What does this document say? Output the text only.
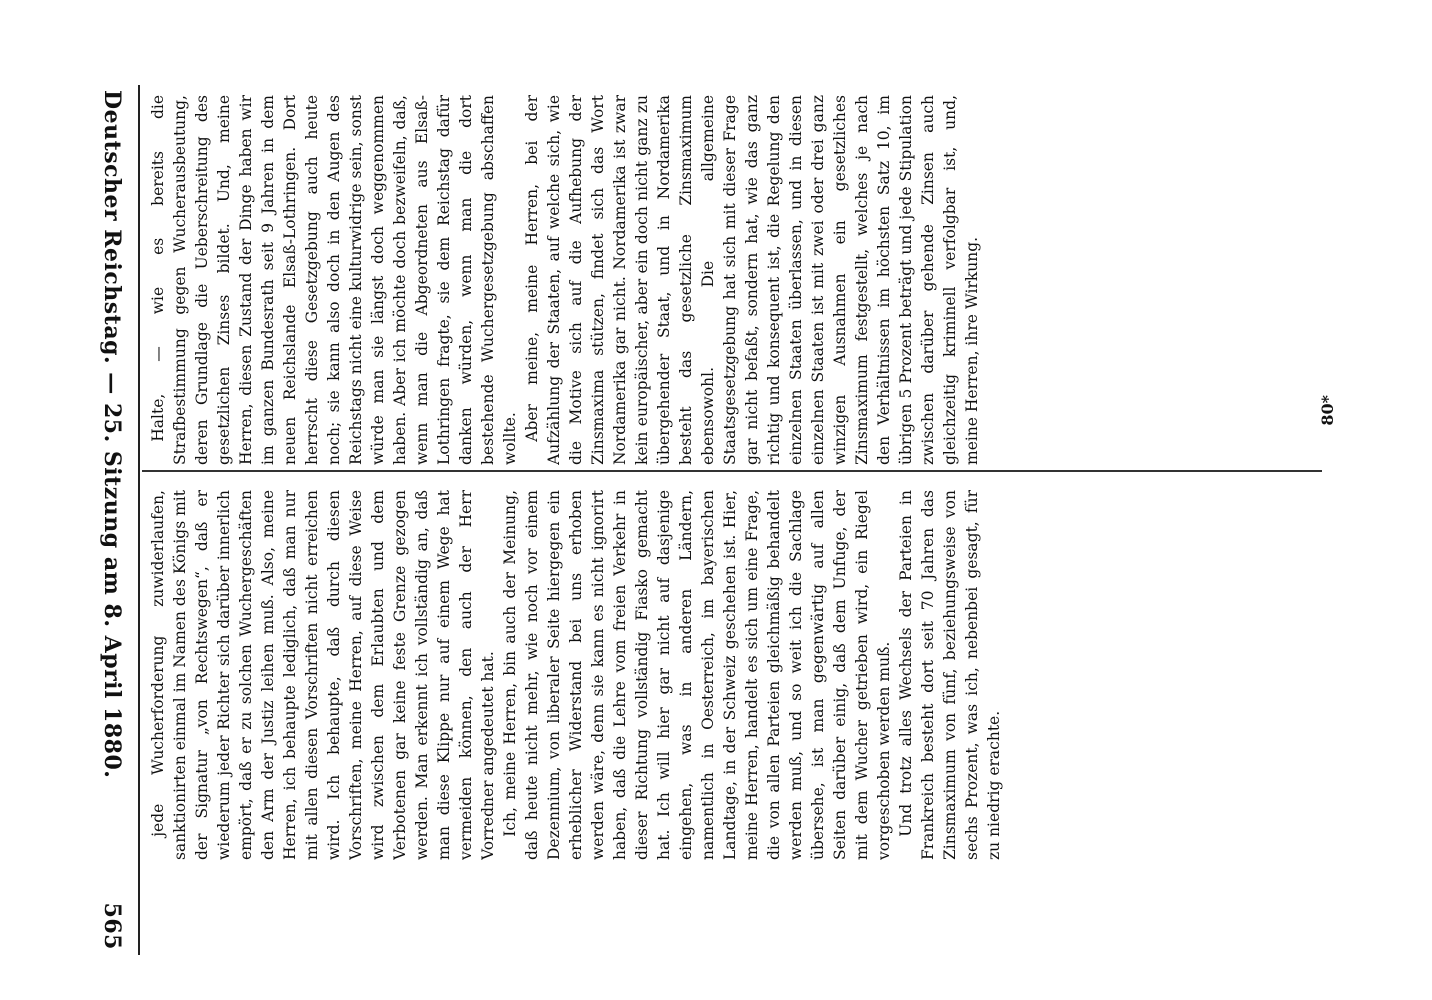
Deutscher Reichstag. — 25. Sitzung am 8. April 1880.
565

jede Wucherforderung zuwiderlaufen, sanktionirten einmal im Namen des Königs mit der Signatur „von Rechtswegen“, daß er wiederum jeder Richter sich darüber innerlich empört, daß er zu solchen Wuchergeschäften den Arm der Justiz leihen muß. Also, meine Herren, ich behaupte lediglich, daß man nur mit allen diesen Vorschriften nicht erreichen wird. Ich behaupte, daß durch diesen Vorschriften, meine Herren, auf diese Weise wird zwischen dem Erlaubten und dem Verbotenen gar keine feste Grenze gezogen werden. Man erkennt ich vollständig an, daß man diese Klippe nur auf einem Wege hat vermeiden können, den auch der Herr Vorredner angedeutet hat. Ich, meine Herren, bin auch der Meinung, daß heute nicht mehr, wie noch vor einem Dezennium, von liberaler Seite hiergegen ein erheblicher Widerstand bei uns erhoben werden wäre, denn sie kann es nicht ignorirt haben, daß die Lehre vom freien Verkehr in dieser Richtung vollständig Fiasko gemacht hat. Ich will hier gar nicht auf dasjenige eingehen, was in anderen Ländern, namentlich in Oesterreich, im bayerischen Landtage, in der Schweiz geschehen ist. Hier, meine Herren, handelt es sich um eine Frage, die von allen Parteien gleichmäßig behandelt werden muß, und so weit ich die Sachlage übersehe, ist man gegenwärtig auf allen Seiten darüber einig, daß dem Unfuge, der mit dem Wucher getrieben wird, ein Riegel vorgeschoben werden muß. Und trotz alles Wechsels der Parteien in Frankreich besteht dort seit 70 Jahren das Zinsmaximum von fünf, beziehungsweise von sechs Prozent, was ich, nebenbei gesagt, für zu niedrig erachte.

Halte, — wie es bereits die Strafbestimmung gegen Wucherausbeutung, deren Grundlage die Ueberschreitung des gesetzlichen Zinses bildet. Und, meine Herren, diesen Zustand der Dinge haben wir im ganzen Bundesrath seit 9 Jahren in dem neuen Reichslande Elsaß-Lothringen. Dort herrscht diese Gesetzgebung auch heute noch; sie kann also doch in den Augen des Reichstags nicht eine kulturwidrige sein, sonst würde man sie längst doch weggenommen haben. Aber ich möchte doch bezweifeln, daß, wenn man die Abgeordneten aus Elsaß-Lothringen fragte, sie dem Reichstag dafür danken würden, wenn man die dort bestehende Wuchergesetzgebung abschaffen wollte. Aber meine, meine Herren, bei der Aufzählung der Staaten, auf welche sich, wie die Motive sich auf die Aufhebung der Zinsmaxima stützen, findet sich das Wort Nordamerika gar nicht. Nordamerika ist zwar kein europäischer, aber ein doch nicht ganz zu übergehender Staat, und in Nordamerika besteht das gesetzliche Zinsmaximum ebensowohl. Die allgemeine Staatsgesetzgebung hat sich mit dieser Frage gar nicht befaßt, sondern hat, wie das ganz richtig und konsequent ist, die Regelung den einzelnen Staaten überlassen, und in diesen einzelnen Staaten ist mit zwei oder drei ganz winzigen Ausnahmen ein gesetzliches Zinsmaximum festgestellt, welches je nach den Verhältnissen im höchsten Satz 10, im übrigen 5 Prozent beträgt und jede Stipulation zwischen darüber gehende Zinsen auch gleichzeitig kriminell verfolgbar ist, und, meine Herren, ihre Wirkung.	80*
